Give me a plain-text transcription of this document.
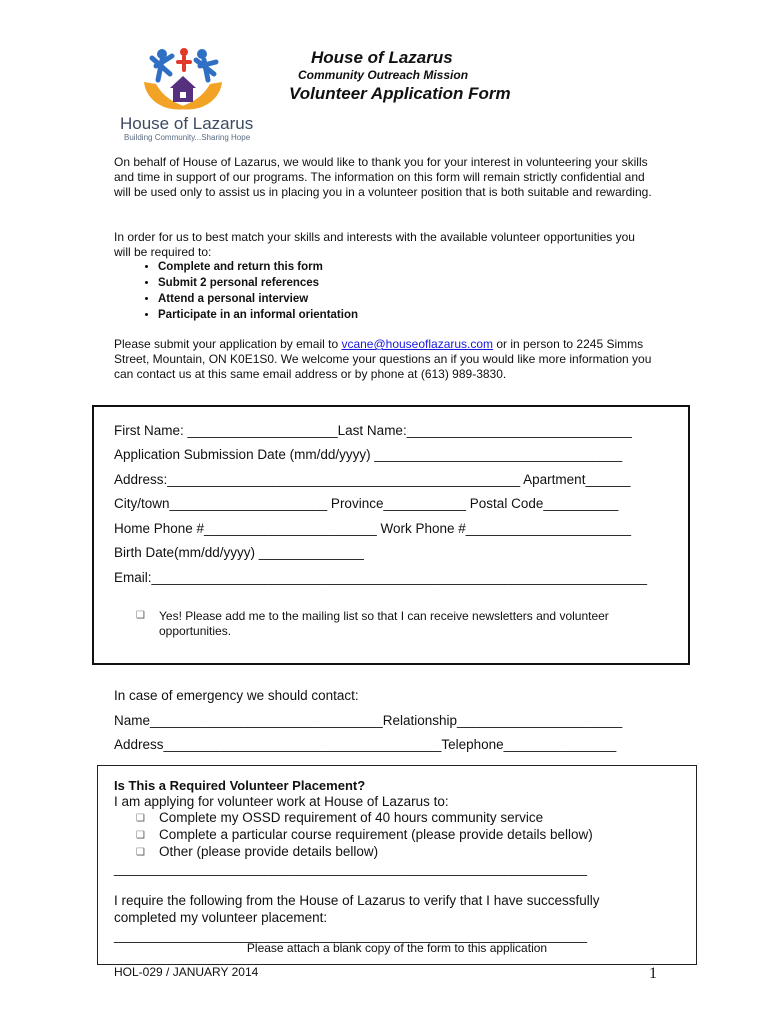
House of Lazarus
Building Community...Sharing Hope
House of Lazarus
Community Outreach Mission
Volunteer Application Form

On behalf of House of Lazarus, we would like to thank you for your interest in volunteering your skills and time in support of our programs. The information on this form will remain strictly confidential and will be used only to assist us in placing you in a volunteer position that is both suitable and rewarding.

In order for us to best match your skills and interests with the available volunteer opportunities you will be required to:

• Complete and return this form
• Submit 2 personal references
• Attend a personal interview
• Participate in an informal orientation

Please submit your application by email to vcane@houseoflazarus.com or in person to 2245 Simms Street, Mountain, ON K0E1S0. We welcome your questions an if you would like more information you can contact us at this same email address or by phone at (613) 989-3830.

First Name: ____________________Last Name:______________________________
Application Submission Date (mm/dd/yyyy) _________________________________
Address:_______________________________________________ Apartment______
City/town_____________________ Province___________ Postal Code__________
Home Phone #_______________________ Work Phone #______________________
Birth Date(mm/dd/yyyy) ______________
Email:__________________________________________________________________
❑ Yes! Please add me to the mailing list so that I can receive newsletters and volunteer opportunities.
In case of emergency we should contact:
Name_______________________________Relationship______________________
Address_____________________________________Telephone_______________
Is This a Required Volunteer Placement?
I am applying for volunteer work at House of Lazarus to:
❑ Complete my OSSD requirement of 40 hours community service
❑ Complete a particular course requirement (please provide details bellow)
❑ Other (please provide details bellow)
_______________________________________________________________
I require the following from the House of Lazarus to verify that I have successfully completed my volunteer placement:
_______________________________________________________________
Please attach a blank copy of the form to this application
HOL-029 / JANUARY 2014	1
